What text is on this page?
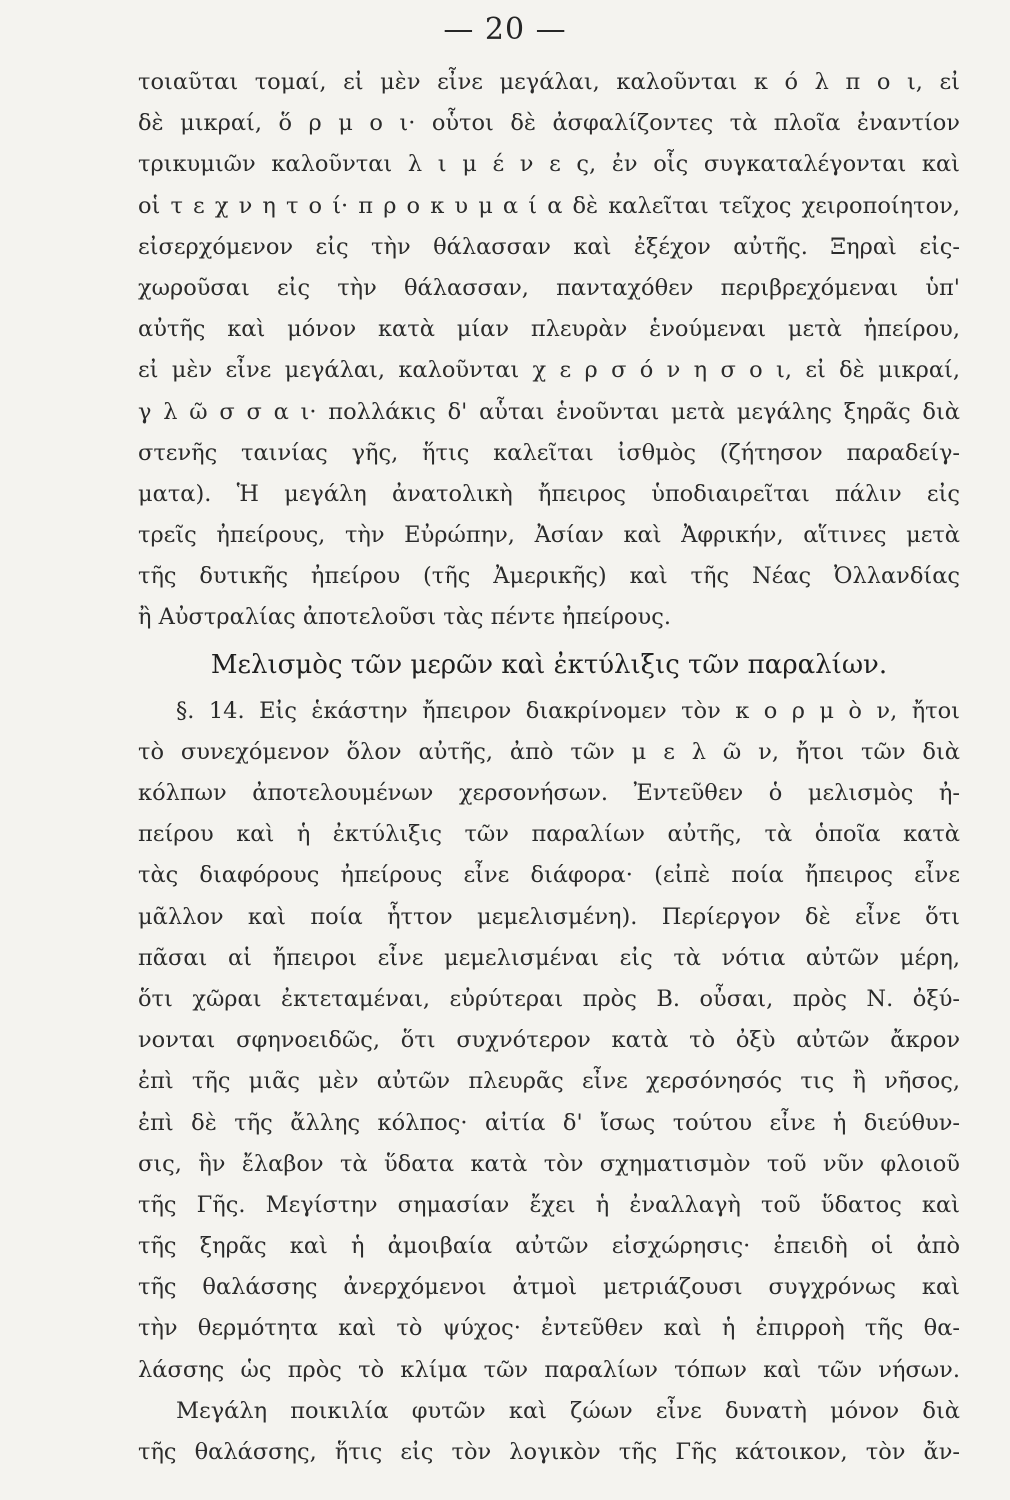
— 20 —
τοιαῦται τομαί, εἰ μὲν εἶνε μεγάλαι, καλοῦνται κ ό λ π ο ι, εἰ
δὲ μικραί, ὅ ρ μ ο ι· οὗτοι δὲ ἀσφαλίζοντες τὰ πλοῖα ἐναντίον
τρικυμιῶν καλοῦνται λ ι μ έ ν ε ς, ἐν οἷς συγκαταλέγονται καὶ
οἱ τ ε χ ν η τ ο ί· π ρ ο κ υ μ α ί α δὲ καλεῖται τεῖχος χειροποίητον,
εἰσερχόμενον εἰς τὴν θάλασσαν καὶ ἐξέχον αὐτῆς. Ξηραὶ εἰς-
χωροῦσαι εἰς τὴν θάλασσαν, πανταχόθεν περιβρεχόμεναι ὑπ'
αὐτῆς καὶ μόνον κατὰ μίαν πλευρὰν ἑνούμεναι μετὰ ἠπείρου,
εἰ μὲν εἶνε μεγάλαι, καλοῦνται χ ε ρ σ ό ν η σ ο ι, εἰ δὲ μικραί,
γ λ ῶ σ σ α ι· πολλάκις δ' αὗται ἑνοῦνται μετὰ μεγάλης ξηρᾶς διὰ
στενῆς ταινίας γῆς, ἥτις καλεῖται ἰσθμὸς (ζήτησον παραδείγ-
ματα). Ἡ μεγάλη ἀνατολικὴ ἤπειρος ὑποδιαιρεῖται πάλιν εἰς
τρεῖς ἠπείρους, τὴν Εὐρώπην, Ἀσίαν καὶ Ἀφρικήν, αἵτινες μετὰ
τῆς δυτικῆς ἠπείρου (τῆς Ἀμερικῆς) καὶ τῆς Νέας Ὀλλανδίας
ἢ Αὐστραλίας ἀποτελοῦσι τὰς πέντε ἠπείρους.
Μελισμὸς τῶν μερῶν καὶ ἐκτύλιξις τῶν παραλίων.
§. 14. Εἰς ἑκάστην ἤπειρον διακρίνομεν τὸν κ ο ρ μ ὸ ν, ἤτοι
τὸ συνεχόμενον ὅλον αὐτῆς, ἀπὸ τῶν μ ε λ ῶ ν, ἤτοι τῶν διὰ
κόλπων ἀποτελουμένων χερσονήσων. Ἐντεῦθεν ὁ μελισμὸς ἠ-
πείρου καὶ ἡ ἐκτύλιξις τῶν παραλίων αὐτῆς, τὰ ὁποῖα κατὰ
τὰς διαφόρους ἠπείρους εἶνε διάφορα· (εἰπὲ ποία ἤπειρος εἶνε
μᾶλλον καὶ ποία ἧττον μεμελισμένη). Περίεργον δὲ εἶνε ὅτι
πᾶσαι αἱ ἤπειροι εἶνε μεμελισμέναι εἰς τὰ νότια αὐτῶν μέρη,
ὅτι χῶραι ἐκτεταμέναι, εὐρύτεραι πρὸς Β. οὖσαι, πρὸς Ν. ὀξύ-
νονται σφηνοειδῶς, ὅτι συχνότερον κατὰ τὸ ὀξὺ αὐτῶν ἄκρον
ἐπὶ τῆς μιᾶς μὲν αὐτῶν πλευρᾶς εἶνε χερσόνησός τις ἢ νῆσος,
ἐπὶ δὲ τῆς ἄλλης κόλπος· αἰτία δ' ἴσως τούτου εἶνε ἡ διεύθυν-
σις, ἣν ἔλαβον τὰ ὕδατα κατὰ τὸν σχηματισμὸν τοῦ νῦν φλοιοῦ
τῆς Γῆς. Μεγίστην σημασίαν ἔχει ἡ ἐναλλαγὴ τοῦ ὕδατος καὶ
τῆς ξηρᾶς καὶ ἡ ἀμοιβαία αὐτῶν εἰσχώρησις· ἐπειδὴ οἱ ἀπὸ
τῆς θαλάσσης ἀνερχόμενοι ἀτμοὶ μετριάζουσι συγχρόνως καὶ
τὴν θερμότητα καὶ τὸ ψύχος· ἐντεῦθεν καὶ ἡ ἐπιρροὴ τῆς θα-
λάσσης ὡς πρὸς τὸ κλίμα τῶν παραλίων τόπων καὶ τῶν νήσων.
Μεγάλη ποικιλία φυτῶν καὶ ζώων εἶνε δυνατὴ μόνον διὰ
τῆς θαλάσσης, ἥτις εἰς τὸν λογικὸν τῆς Γῆς κάτοικον, τὸν ἄν-
